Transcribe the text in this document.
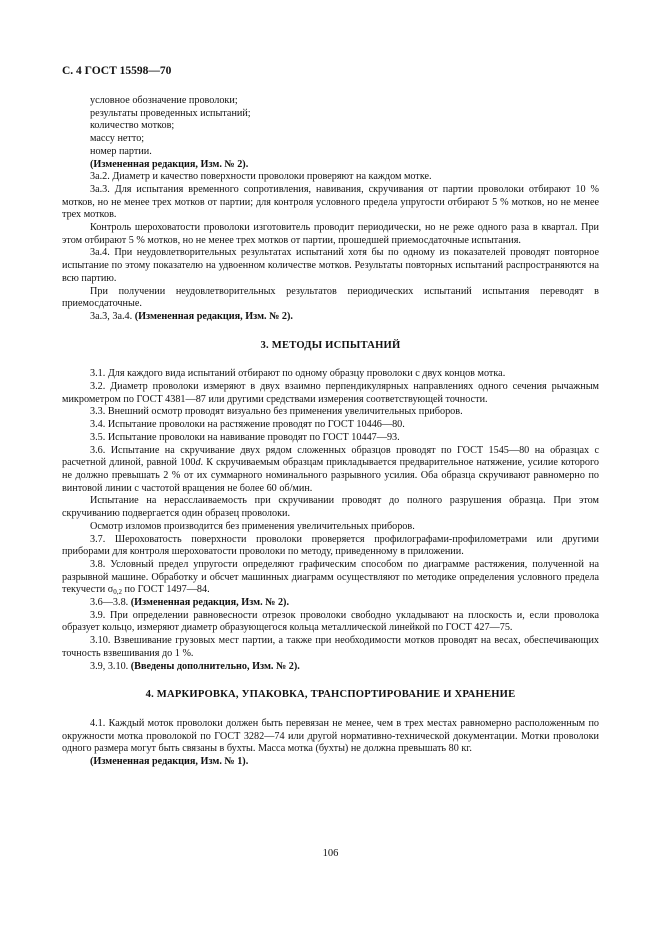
С. 4 ГОСТ 15598—70

условное обозначение проволоки;

результаты проведенных испытаний;

количество мотков;

массу нетто;

номер партии.

(Измененная редакция, Изм. № 2).

3а.2. Диаметр и качество поверхности проволоки проверяют на каждом мотке.

3а.3. Для испытания временного сопротивления, навивания, скручивания от партии проволоки отбирают 10 % мотков, но не менее трех мотков от партии; для контроля условного предела упругости отбирают 5 % мотков, но не менее трех мотков.

Контроль шероховатости проволоки изготовитель проводит периодически, но не реже одного раза в квартал. При этом отбирают 5 % мотков, но не менее трех мотков от партии, прошедшей приемосдаточные испытания.

3а.4. При неудовлетворительных результатах испытаний хотя бы по одному из показателей проводят повторное испытание по этому показателю на удвоенном количестве мотков. Результаты повторных испытаний распространяются на всю партию.

При получении неудовлетворительных результатов периодических испытаний испытания переводят в приемосдаточные.

3а.3, 3а.4. (Измененная редакция, Изм. № 2).

3. МЕТОДЫ ИСПЫТАНИЙ

3.1. Для каждого вида испытаний отбирают по одному образцу проволоки с двух концов мотка.

3.2. Диаметр проволоки измеряют в двух взаимно перпендикулярных направлениях одного сечения рычажным микрометром по ГОСТ 4381—87 или другими средствами измерения соответствующей точности.

3.3. Внешний осмотр проводят визуально без применения увеличительных приборов.

3.4. Испытание проволоки на растяжение проводят по ГОСТ 10446—80.

3.5. Испытание проволоки на навивание проводят по ГОСТ 10447—93.

3.6. Испытание на скручивание двух рядом сложенных образцов проводят по ГОСТ 1545—80 на образцах с расчетной длиной, равной 100d. К скручиваемым образцам прикладывается предварительное натяжение, усилие которого не должно превышать 2 % от их суммарного номинального разрывного усилия. Оба образца скручивают равномерно по винтовой линии с частотой вращения не более 60 об/мин.

Испытание на нерасслаиваемость при скручивании проводят до полного разрушения образца. При этом скручиванию подвергается один образец проволоки.

Осмотр изломов производится без применения увеличительных приборов.

3.7. Шероховатость поверхности проволоки проверяется профилографами-профилометрами или другими приборами для контроля шероховатости проволоки по методу, приведенному в приложении.

3.8. Условный предел упругости определяют графическим способом по диаграмме растяжения, полученной на разрывной машине. Обработку и обсчет машинных диаграмм осуществляют по методике определения условного предела текучести $\sigma_{0,2}$ по ГОСТ 1497—84.

3.6—3.8. (Измененная редакция, Изм. № 2).

3.9. При определении равновесности отрезок проволоки свободно укладывают на плоскость и, если проволока образует кольцо, измеряют диаметр образующегося кольца металлической линейкой по ГОСТ 427—75.

3.10. Взвешивание грузовых мест партии, а также при необходимости мотков проводят на весах, обеспечивающих точность взвешивания до 1 %.

3.9, 3.10. (Введены дополнительно, Изм. № 2).

4. МАРКИРОВКА, УПАКОВКА, ТРАНСПОРТИРОВАНИЕ И ХРАНЕНИЕ

4.1. Каждый моток проволоки должен быть перевязан не менее, чем в трех местах равномерно расположенным по окружности мотка проволокой по ГОСТ 3282—74 или другой нормативно-технической документации. Мотки проволоки одного размера могут быть связаны в бухты. Масса мотка (бухты) не должна превышать 80 кг.

(Измененная редакция, Изм. № 1).

106
